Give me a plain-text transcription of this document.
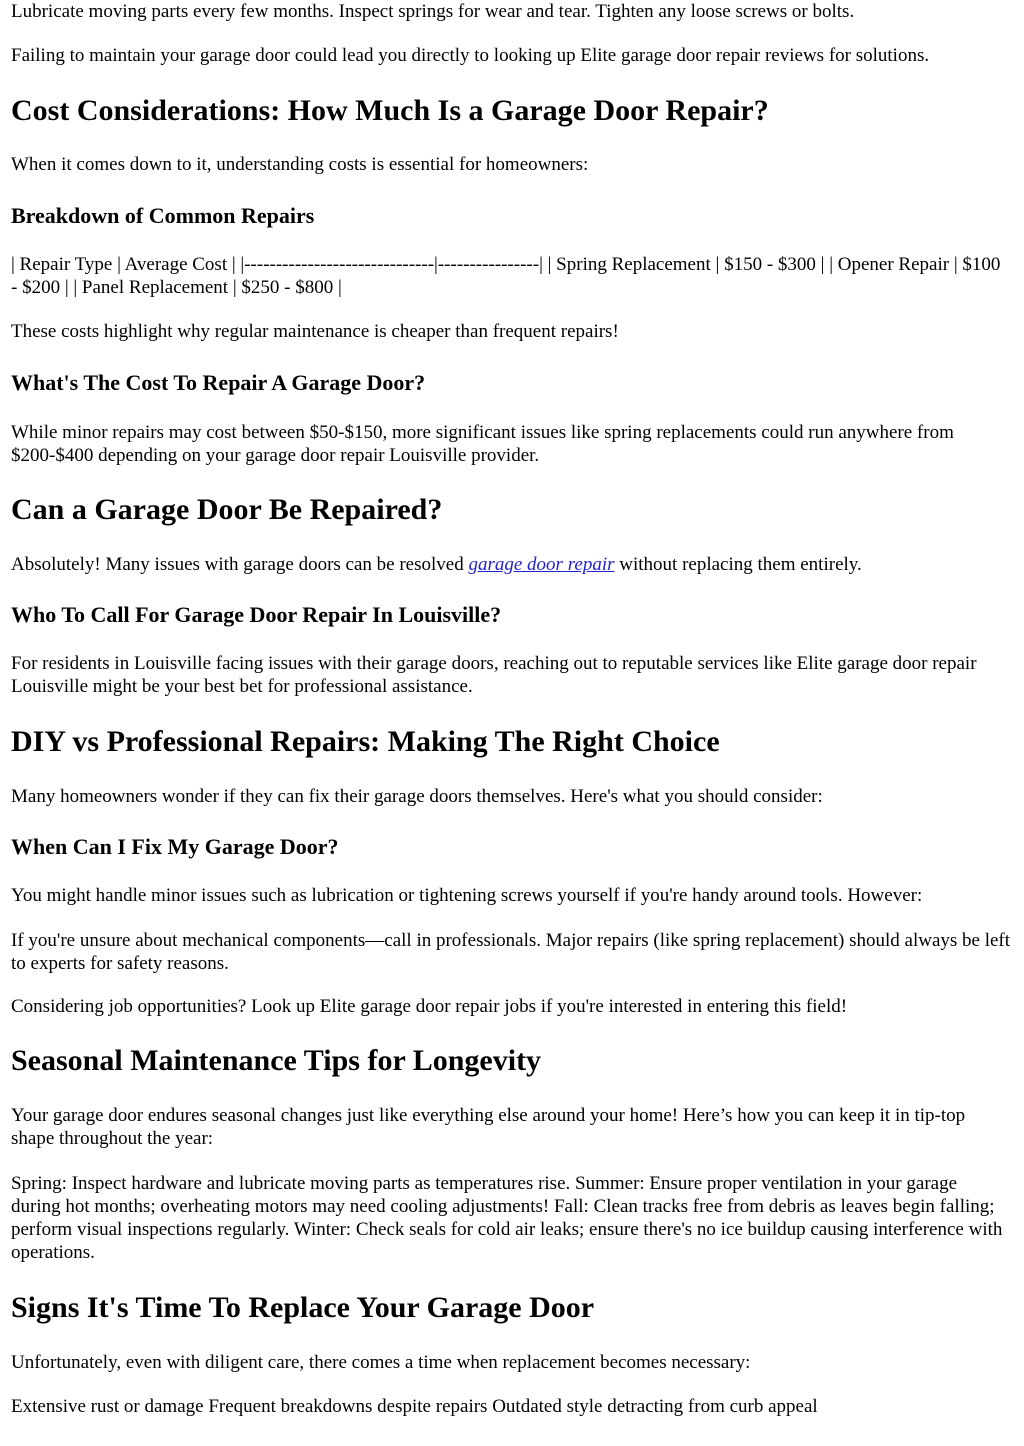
Lubricate moving parts every few months. Inspect springs for wear and tear. Tighten any loose screws or bolts.

Failing to maintain your garage door could lead you directly to looking up Elite garage door repair reviews for solutions.

Cost Considerations: How Much Is a Garage Door Repair?

When it comes down to it, understanding costs is essential for homeowners:

Breakdown of Common Repairs

| Repair Type | Average Cost | |------------------------------|----------------| | Spring Replacement | $150 - $300 | | Opener Repair | $100 - $200 | | Panel Replacement | $250 - $800 |

These costs highlight why regular maintenance is cheaper than frequent repairs!

What's The Cost To Repair A Garage Door?

While minor repairs may cost between $50-$150, more significant issues like spring replacements could run anywhere from $200-$400 depending on your garage door repair Louisville provider.

Can a Garage Door Be Repaired?

Absolutely! Many issues with garage doors can be resolved garage door repair without replacing them entirely.

Who To Call For Garage Door Repair In Louisville?

For residents in Louisville facing issues with their garage doors, reaching out to reputable services like Elite garage door repair Louisville might be your best bet for professional assistance.

DIY vs Professional Repairs: Making The Right Choice

Many homeowners wonder if they can fix their garage doors themselves. Here's what you should consider:

When Can I Fix My Garage Door?

You might handle minor issues such as lubrication or tightening screws yourself if you're handy around tools. However:

If you're unsure about mechanical components—call in professionals. Major repairs (like spring replacement) should always be left to experts for safety reasons.

Considering job opportunities? Look up Elite garage door repair jobs if you're interested in entering this field!

Seasonal Maintenance Tips for Longevity

Your garage door endures seasonal changes just like everything else around your home! Here’s how you can keep it in tip-top shape throughout the year:

Spring: Inspect hardware and lubricate moving parts as temperatures rise. Summer: Ensure proper ventilation in your garage during hot months; overheating motors may need cooling adjustments! Fall: Clean tracks free from debris as leaves begin falling; perform visual inspections regularly. Winter: Check seals for cold air leaks; ensure there's no ice buildup causing interference with operations.

Signs It's Time To Replace Your Garage Door

Unfortunately, even with diligent care, there comes a time when replacement becomes necessary:

Extensive rust or damage Frequent breakdowns despite repairs Outdated style detracting from curb appeal
